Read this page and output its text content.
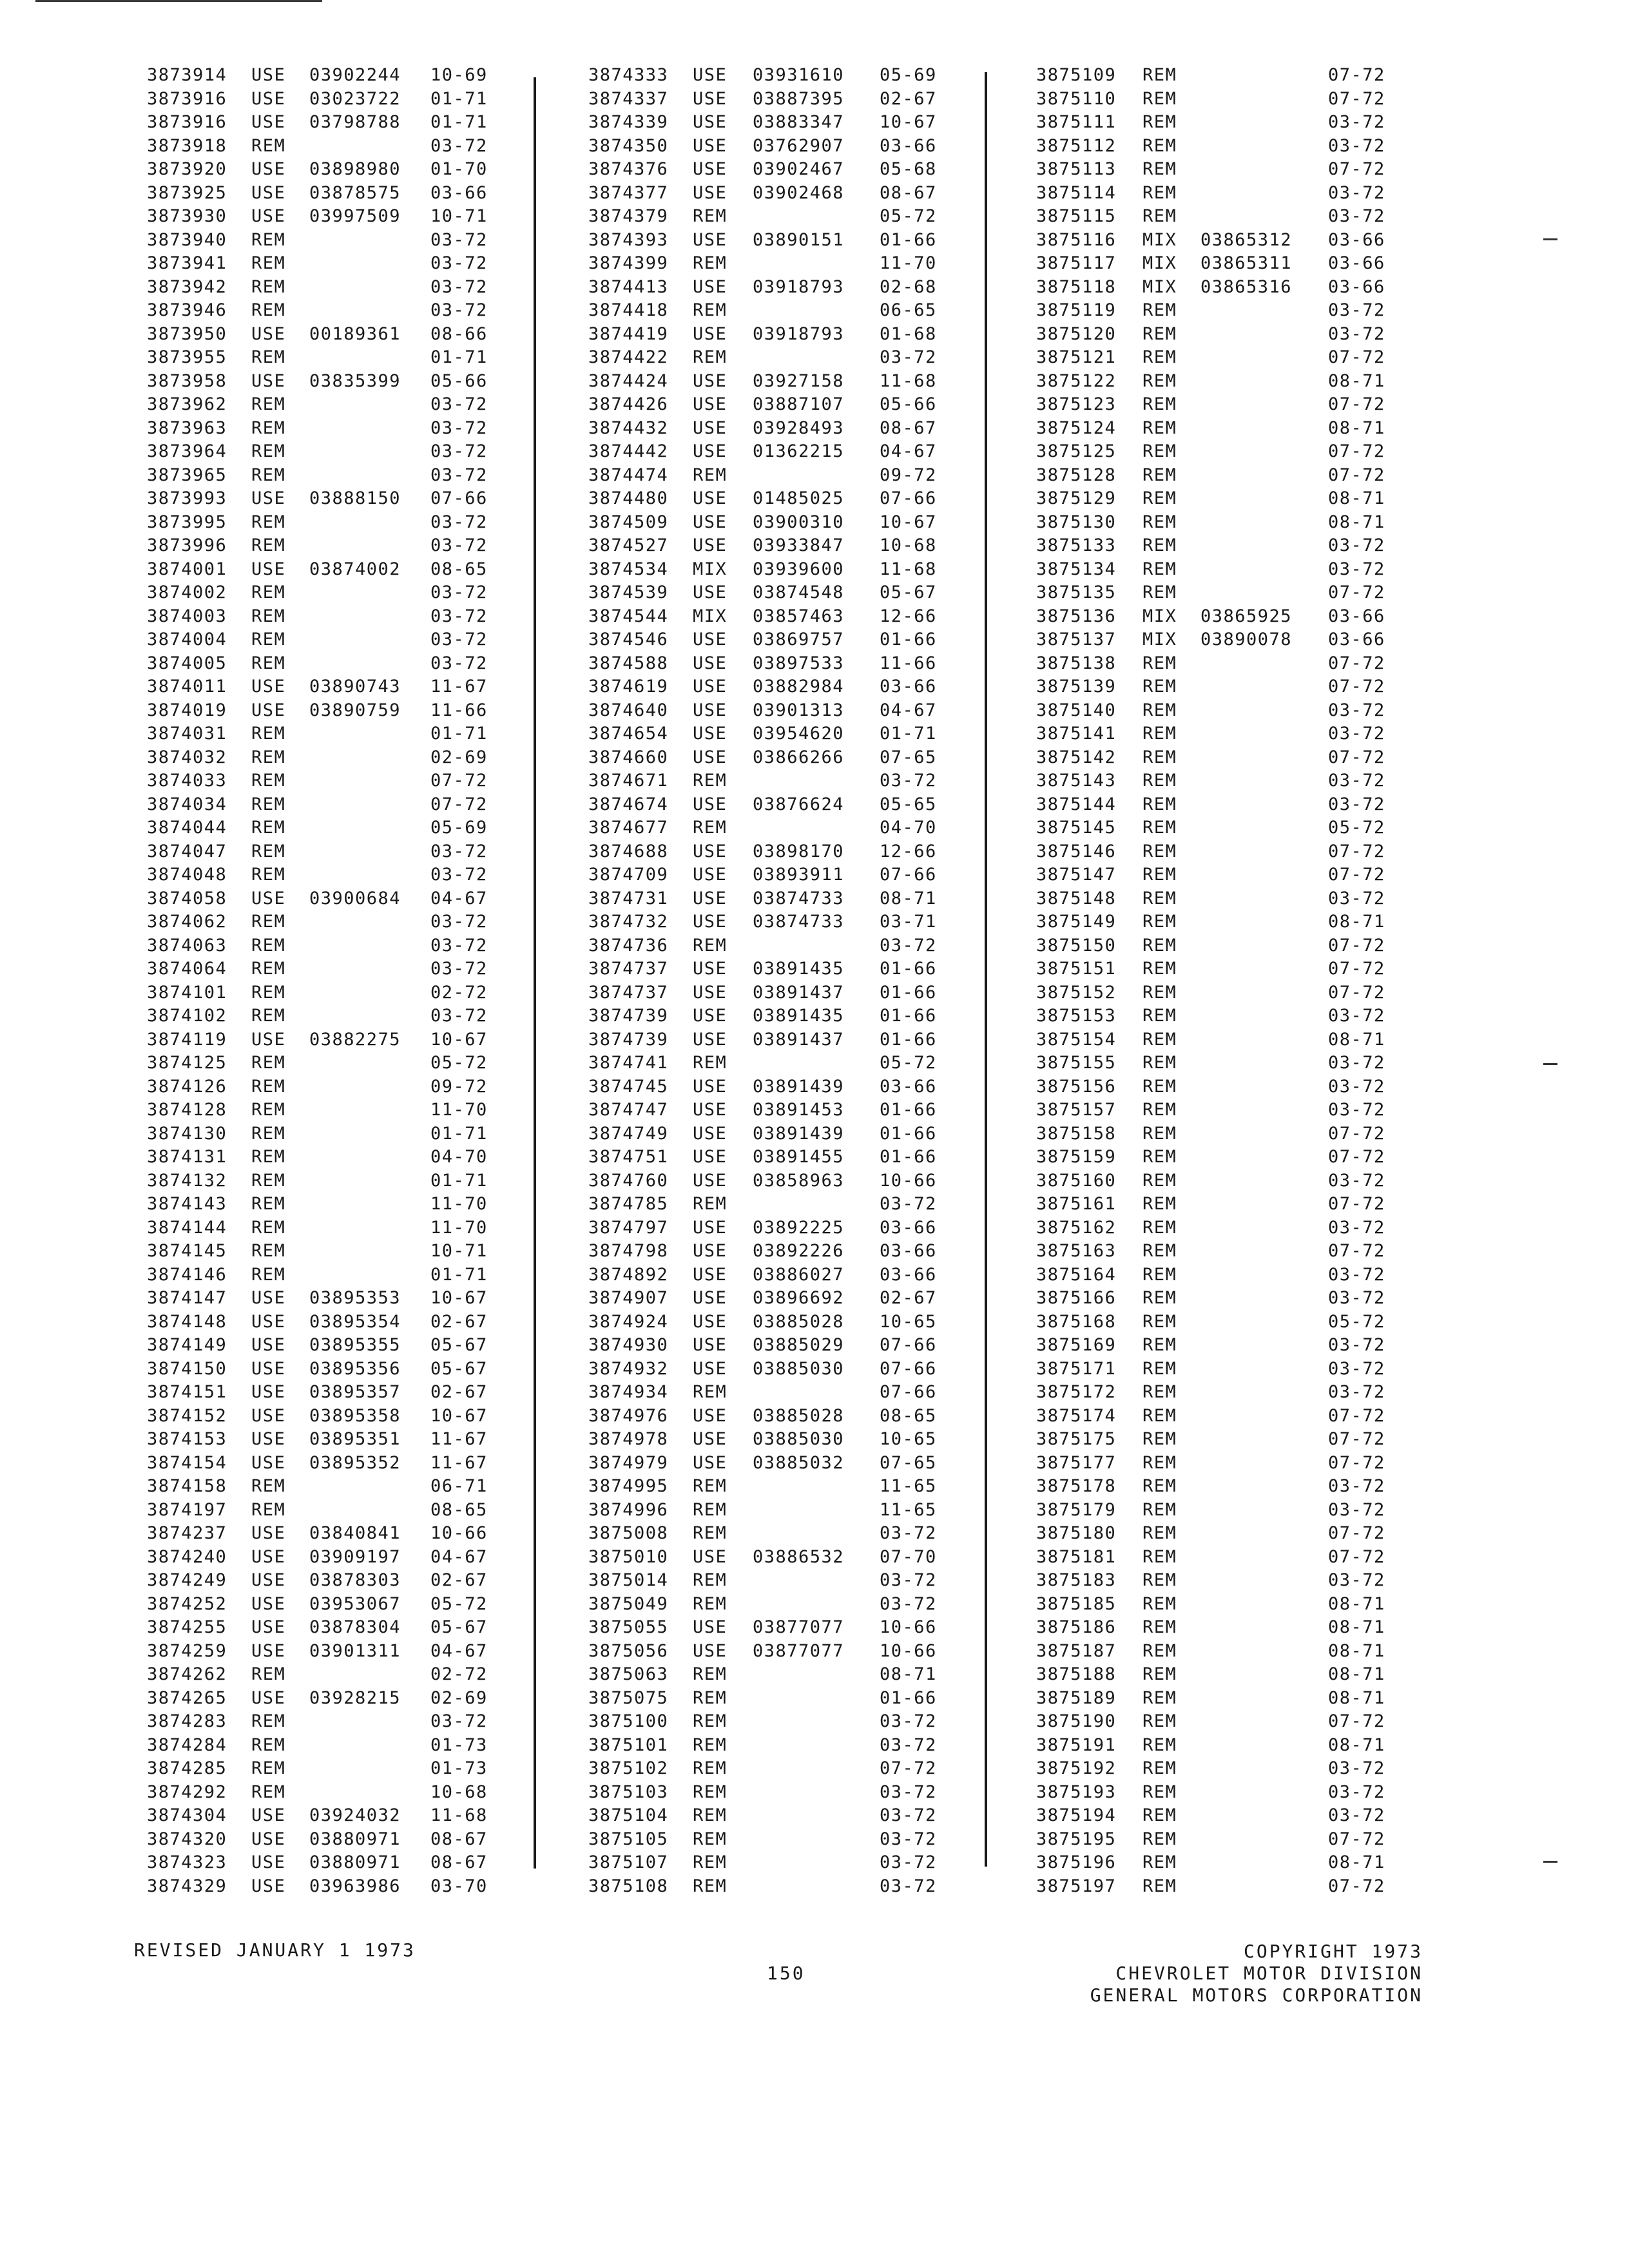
3873914 USE 03902244 10-69
3873916 USE 03023722 01-71
3873916 USE 03798788 01-71
3873918 REM	03-72
3873920 USE 03898980 01-70
3873925 USE 03878575 03-66
3873930 USE 03997509 10-71
3873940 REM	03-72
3873941 REM	03-72
3873942 REM	03-72
3873946 REM	03-72
3873950 USE 00189361 08-66
3873955 REM	01-71
3873958 USE 03835399 05-66
3873962 REM	03-72
3873963 REM	03-72
3873964 REM	03-72
3873965 REM	03-72
3873993 USE 03888150 07-66
3873995 REM	03-72
3873996 REM	03-72
3874001 USE 03874002 08-65
3874002 REM	03-72
3874003 REM	03-72
3874004 REM	03-72
3874005 REM	03-72
3874011 USE 03890743 11-67
3874019 USE 03890759 11-66
3874031 REM	01-71
3874032 REM	02-69
3874033 REM	07-72
3874034 REM	07-72
3874044 REM	05-69
3874047 REM	03-72
3874048 REM	03-72
3874058 USE 03900684 04-67
3874062 REM	03-72
3874063 REM	03-72
3874064 REM	03-72
3874101 REM	02-72
3874102 REM	03-72
3874119 USE 03882275 10-67
3874125 REM	05-72
3874126 REM	09-72
3874128 REM	11-70
3874130 REM	01-71
3874131 REM	04-70
3874132 REM	01-71
3874143 REM	11-70
3874144 REM	11-70
3874145 REM	10-71
3874146 REM	01-71
3874147 USE 03895353 10-67
3874148 USE 03895354 02-67
3874149 USE 03895355 05-67
3874150 USE 03895356 05-67
3874151 USE 03895357 02-67
3874152 USE 03895358 10-67
3874153 USE 03895351 11-67
3874154 USE 03895352 11-67
3874158 REM	06-71
3874197 REM	08-65
3874237 USE 03840841 10-66
3874240 USE 03909197 04-67
3874249 USE 03878303 02-67
3874252 USE 03953067 05-72
3874255 USE 03878304 05-67
3874259 USE 03901311 04-67
3874262 REM	02-72
3874265 USE 03928215 02-69
3874283 REM	03-72
3874284 REM	01-73
3874285 REM	01-73
3874292 REM	10-68
3874304 USE 03924032 11-68
3874320 USE 03880971 08-67
3874323 USE 03880971 08-67
3874329 USE 03963986 03-70
3874333 USE 03931610 05-69
3874337 USE 03887395 02-67
3874339 USE 03883347 10-67
3874350 USE 03762907 03-66
3874376 USE 03902467 05-68
3874377 USE 03902468 08-67
3874379 REM	05-72
3874393 USE 03890151 01-66
3874399 REM	11-70
3874413 USE 03918793 02-68
3874418 REM	06-65
3874419 USE 03918793 01-68
3874422 REM	03-72
3874424 USE 03927158 11-68
3874426 USE 03887107 05-66
3874432 USE 03928493 08-67
3874442 USE 01362215 04-67
3874474 REM	09-72
3874480 USE 01485025 07-66
3874509 USE 03900310 10-67
3874527 USE 03933847 10-68
3874534 MIX 03939600 11-68
3874539 USE 03874548 05-67
3874544 MIX 03857463 12-66
3874546 USE 03869757 01-66
3874588 USE 03897533 11-66
3874619 USE 03882984 03-66
3874640 USE 03901313 04-67
3874654 USE 03954620 01-71
3874660 USE 03866266 07-65
3874671 REM	03-72
3874674 USE 03876624 05-65
3874677 REM	04-70
3874688 USE 03898170 12-66
3874709 USE 03893911 07-66
3874731 USE 03874733 08-71
3874732 USE 03874733 03-71
3874736 REM	03-72
3874737 USE 03891435 01-66
3874737 USE 03891437 01-66
3874739 USE 03891435 01-66
3874739 USE 03891437 01-66
3874741 REM	05-72
3874745 USE 03891439 03-66
3874747 USE 03891453 01-66
3874749 USE 03891439 01-66
3874751 USE 03891455 01-66
3874760 USE 03858963 10-66
3874785 REM	03-72
3874797 USE 03892225 03-66
3874798 USE 03892226 03-66
3874892 USE 03886027 03-66
3874907 USE 03896692 02-67
3874924 USE 03885028 10-65
3874930 USE 03885029 07-66
3874932 USE 03885030 07-66
3874934 REM	07-66
3874976 USE 03885028 08-65
3874978 USE 03885030 10-65
3874979 USE 03885032 07-65
3874995 REM	11-65
3874996 REM	11-65
3875008 REM	03-72
3875010 USE 03886532 07-70
3875014 REM	03-72
3875049 REM	03-72
3875055 USE 03877077 10-66
3875056 USE 03877077 10-66
3875063 REM	08-71
3875075 REM	01-66
3875100 REM	03-72
3875101 REM	03-72
3875102 REM	07-72
3875103 REM	03-72
3875104 REM	03-72
3875105 REM	03-72
3875107 REM	03-72
3875108 REM	03-72
3875109 REM	07-72
3875110 REM	07-72
3875111 REM	03-72
3875112 REM	03-72
3875113 REM	07-72
3875114 REM	03-72
3875115 REM	03-72
3875116 MIX 03865312 03-66
3875117 MIX 03865311 03-66
3875118 MIX 03865316 03-66
3875119 REM	03-72
3875120 REM	03-72
3875121 REM	07-72
3875122 REM	08-71
3875123 REM	07-72
3875124 REM	08-71
3875125 REM	07-72
3875128 REM	07-72
3875129 REM	08-71
3875130 REM	08-71
3875133 REM	03-72
3875134 REM	03-72
3875135 REM	07-72
3875136 MIX 03865925 03-66
3875137 MIX 03890078 03-66
3875138 REM	07-72
3875139 REM	07-72
3875140 REM	03-72
3875141 REM	03-72
3875142 REM	07-72
3875143 REM	03-72
3875144 REM	03-72
3875145 REM	05-72
3875146 REM	07-72
3875147 REM	07-72
3875148 REM	03-72
3875149 REM	08-71
3875150 REM	07-72
3875151 REM	07-72
3875152 REM	07-72
3875153 REM	03-72
3875154 REM	08-71
3875155 REM	03-72
3875156 REM	03-72
3875157 REM	03-72
3875158 REM	07-72
3875159 REM	07-72
3875160 REM	03-72
3875161 REM	07-72
3875162 REM	03-72
3875163 REM	07-72
3875164 REM	03-72
3875166 REM	03-72
3875168 REM	05-72
3875169 REM	03-72
3875171 REM	03-72
3875172 REM	03-72
3875174 REM	07-72
3875175 REM	07-72
3875177 REM	07-72
3875178 REM	03-72
3875179 REM	03-72
3875180 REM	07-72
3875181 REM	07-72
3875183 REM	03-72
3875185 REM	08-71
3875186 REM	08-71
3875187 REM	08-71
3875188 REM	08-71
3875189 REM	08-71
3875190 REM	07-72
3875191 REM	08-71
3875192 REM	03-72
3875193 REM	03-72
3875194 REM	03-72
3875195 REM	07-72
3875196 REM	08-71
3875197 REM	07-72
REVISED JANUARY 1 1973
150
COPYRIGHT 1973
CHEVROLET MOTOR DIVISION
GENERAL MOTORS CORPORATION
